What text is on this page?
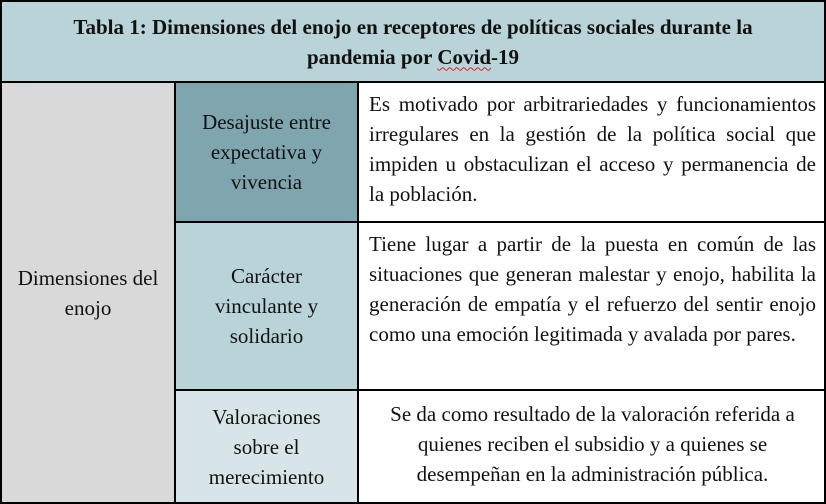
Tabla 1: Dimensiones del enojo en receptores de políticas sociales durante la
pandemia por Covid-19
Dimensiones del enojo
Desajuste entre expectativa y vivencia
Es motivado por arbitrariedades y funcionamientos irregulares en la gestión de la política social que impiden u obstaculizan el acceso y permanencia de la población.
Carácter vinculante y solidario
Tiene lugar a partir de la puesta en común de las situaciones que generan malestar y enojo, habilita la generación de empatía y el refuerzo del sentir enojo como una emoción legitimada y avalada por pares.
Valoraciones sobre el merecimiento
Se da como resultado de la valoración referida a quienes reciben el subsidio y a quienes se desempeñan en la administración pública.
